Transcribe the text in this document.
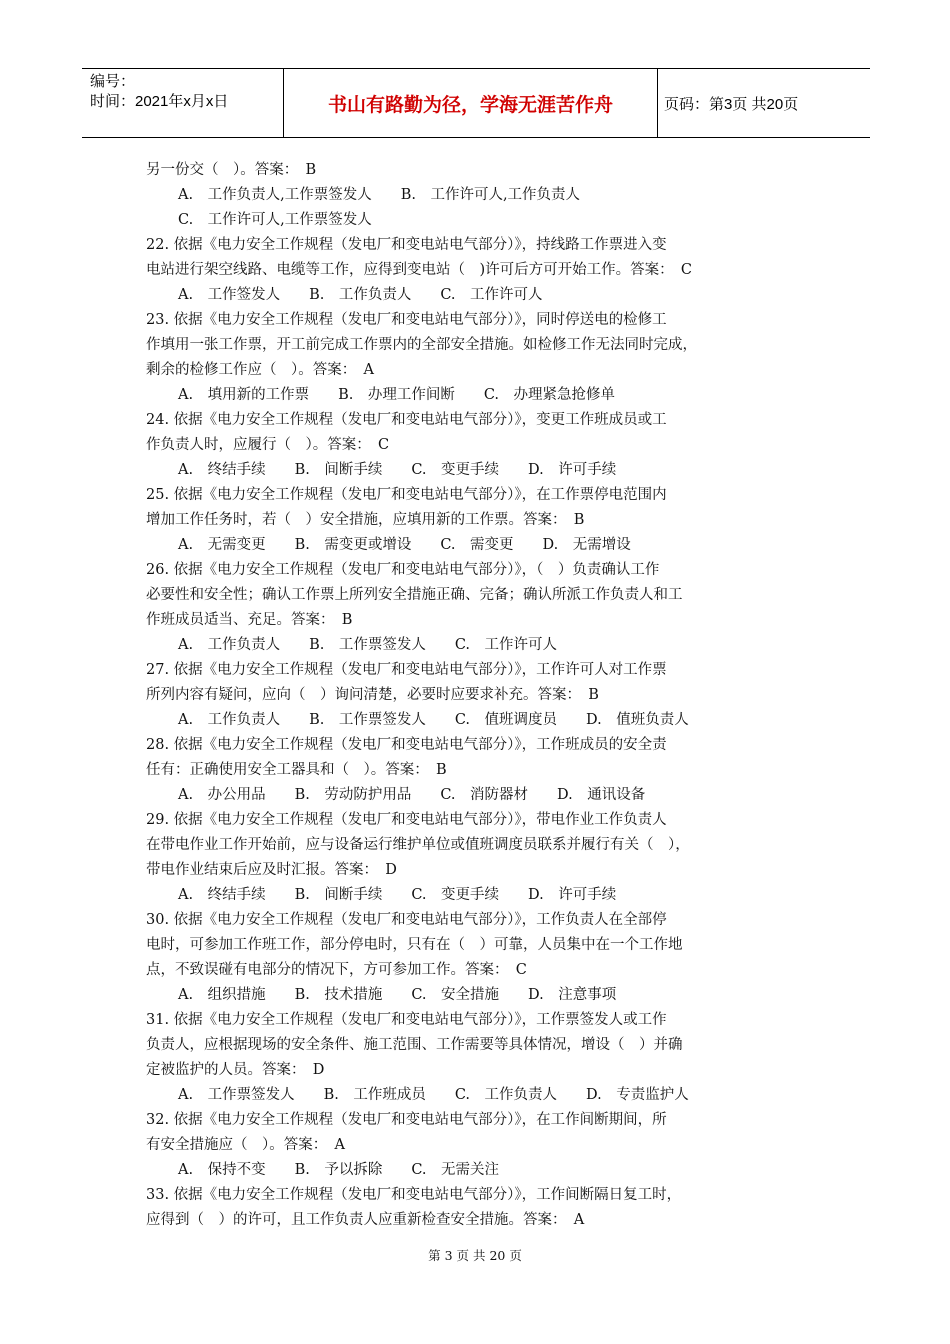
编号：
时间：2021年x月x日	书山有路勤为径，学海无涯苦作舟	页码：第3页 共20页
另一份交（　）。答案：　B
A.　工作负责人,工作票签发人　　B.　工作许可人,工作负责人
C.　工作许可人,工作票签发人
22. 依据《电力安全工作规程（发电厂和变电站电气部分）》，持线路工作票进入变
电站进行架空线路、电缆等工作，应得到变电站（　)许可后方可开始工作。答案：　C
A.　工作签发人　　B.　工作负责人　　C.　工作许可人
23. 依据《电力安全工作规程（发电厂和变电站电气部分）》，同时停送电的检修工
作填用一张工作票，开工前完成工作票内的全部安全措施。如检修工作无法同时完成，
剩余的检修工作应（　）。答案：　A
A.　填用新的工作票　　B.　办理工作间断　　C.　办理紧急抢修单
24. 依据《电力安全工作规程（发电厂和变电站电气部分）》，变更工作班成员或工
作负责人时，应履行（　）。答案：　C
A.　终结手续　　B.　间断手续　　C.　变更手续　　D.　许可手续
25. 依据《电力安全工作规程（发电厂和变电站电气部分）》，在工作票停电范围内
增加工作任务时，若（　）安全措施，应填用新的工作票。答案：　B
A.　无需变更　　B.　需变更或增设　　C.　需变更　　D.　无需增设
26. 依据《电力安全工作规程（发电厂和变电站电气部分）》，（　）负责确认工作
必要性和安全性；确认工作票上所列安全措施正确、完备；确认所派工作负责人和工
作班成员适当、充足。答案：　B
A.　工作负责人　　B.　工作票签发人　　C.　工作许可人
27. 依据《电力安全工作规程（发电厂和变电站电气部分）》，工作许可人对工作票
所列内容有疑问，应向（　）询问清楚，必要时应要求补充。答案：　B
A.　工作负责人　　B.　工作票签发人　　C.　值班调度员　　D.　值班负责人
28. 依据《电力安全工作规程（发电厂和变电站电气部分）》，工作班成员的安全责
任有：正确使用安全工器具和（　）。答案：　B
A.　办公用品　　B.　劳动防护用品　　C.　消防器材　　D.　通讯设备
29. 依据《电力安全工作规程（发电厂和变电站电气部分）》，带电作业工作负责人
在带电作业工作开始前，应与设备运行维护单位或值班调度员联系并履行有关（　），
带电作业结束后应及时汇报。答案：　D
A.　终结手续　　B.　间断手续　　C.　变更手续　　D.　许可手续
30. 依据《电力安全工作规程（发电厂和变电站电气部分）》，工作负责人在全部停
电时，可参加工作班工作，部分停电时，只有在（　）可靠，人员集中在一个工作地
点，不致误碰有电部分的情况下，方可参加工作。答案：　C
A.　组织措施　　B.　技术措施　　C.　安全措施　　D.　注意事项
31. 依据《电力安全工作规程（发电厂和变电站电气部分）》，工作票签发人或工作
负责人，应根据现场的安全条件、施工范围、工作需要等具体情况，增设（　）并确
定被监护的人员。答案：　D
A.　工作票签发人　　B.　工作班成员　　C.　工作负责人　　D.　专责监护人
32. 依据《电力安全工作规程（发电厂和变电站电气部分）》，在工作间断期间，所
有安全措施应（　）。答案：　A
A.　保持不变　　B.　予以拆除　　C.　无需关注
33. 依据《电力安全工作规程（发电厂和变电站电气部分）》，工作间断隔日复工时，
应得到（　）的许可，且工作负责人应重新检查安全措施。答案：　A
第 3 页 共 20 页
